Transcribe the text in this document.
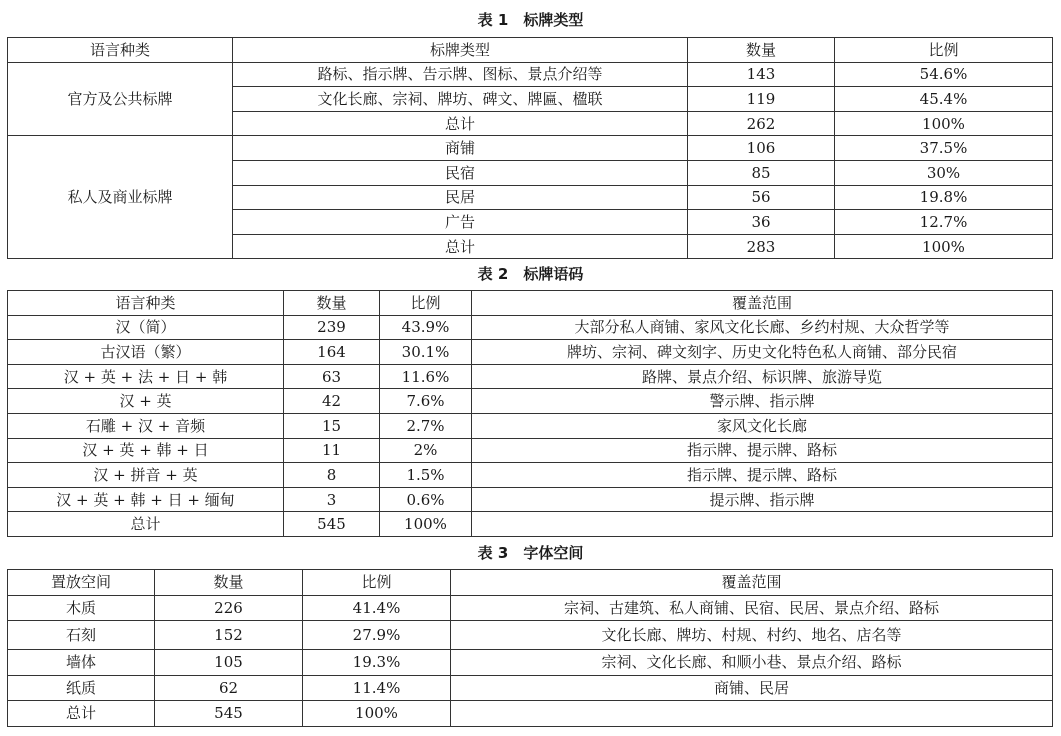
表 1　标牌类型
语言种类	标牌类型	数量	比例
官方及公共标牌	路标、指示牌、告示牌、图标、景点介绍等	143	54.6%
	文化长廊、宗祠、牌坊、碑文、牌匾、楹联	119	45.4%
	总计	262	100%
私人及商业标牌	商铺	106	37.5%
	民宿	85	30%
	民居	56	19.8%
	广告	36	12.7%
	总计	283	100%
表 2　标牌语码
语言种类	数量	比例	覆盖范围
汉（简）	239	43.9%	大部分私人商铺、家风文化长廊、乡约村规、大众哲学等
古汉语（繁）	164	30.1%	牌坊、宗祠、碑文刻字、历史文化特色私人商铺、部分民宿
汉 + 英 + 法 + 日 + 韩	63	11.6%	路牌、景点介绍、标识牌、旅游导览
汉 + 英	42	7.6%	警示牌、指示牌
石雕 + 汉 + 音频	15	2.7%	家风文化长廊
汉 + 英 + 韩 + 日	11	2%	指示牌、提示牌、路标
汉 + 拼音 + 英	8	1.5%	指示牌、提示牌、路标
汉 + 英 + 韩 + 日 + 缅甸	3	0.6%	提示牌、指示牌
总计	545	100%	
表 3　字体空间
置放空间	数量	比例	覆盖范围
木质	226	41.4%	宗祠、古建筑、私人商铺、民宿、民居、景点介绍、路标
石刻	152	27.9%	文化长廊、牌坊、村规、村约、地名、店名等
墙体	105	19.3%	宗祠、文化长廊、和顺小巷、景点介绍、路标
纸质	62	11.4%	商铺、民居
总计	545	100%	
